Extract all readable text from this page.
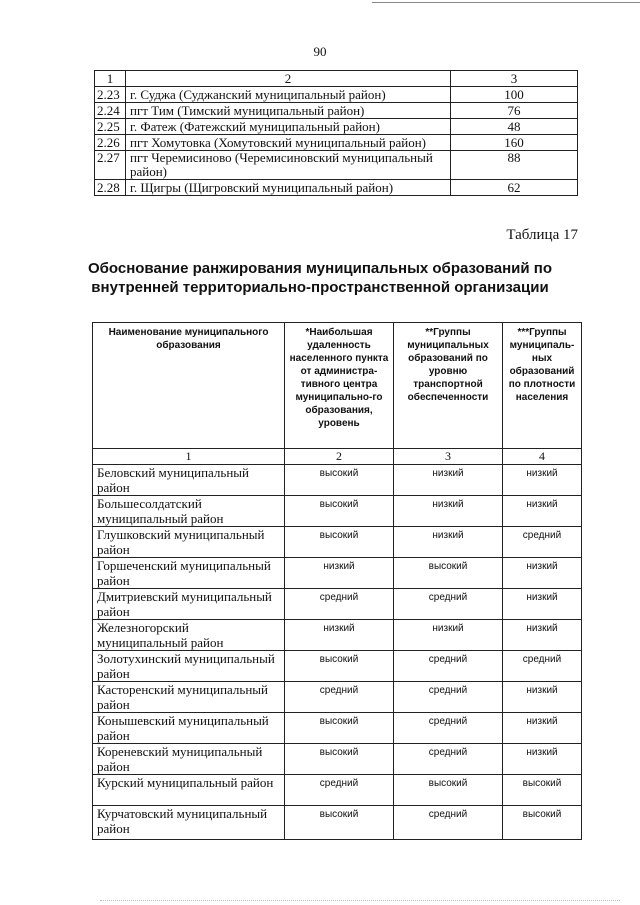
90
1	2	3
2.23	г. Суджа (Суджанский муниципальный район)	100
2.24	пгт Тим (Тимский муниципальный район)	76
2.25	г. Фатеж (Фатежский муниципальный район)	48
2.26	пгт Хомутовка (Хомутовский муниципальный район)	160
2.27	пгт Черемисиново (Черемисиновский муниципальный район)	88
2.28	г. Щигры (Щигровский муниципальный район)	62
Таблица 17
Обоснование ранжирования муниципальных образований по внутренней территориально-пространственной организации
Наименование муниципального образования	*Наибольшая удаленность населенного пункта от администра-тивного центра муниципально-го образования, уровень	**Группы муниципальных образований по уровню транспортной обеспеченности	***Группы муниципаль-ных образований по плотности населения
1	2	3	4
Беловский муниципальный район	высокий	низкий	низкий
Большесолдатский муниципальный район	высокий	низкий	низкий
Глушковский муниципальный район	высокий	низкий	средний
Горшеченский муниципальный район	низкий	высокий	низкий
Дмитриевский муниципальный район	средний	средний	низкий
Железногорский муниципальный район	низкий	низкий	низкий
Золотухинский муниципальный район	высокий	средний	средний
Касторенский муниципальный район	средний	средний	низкий
Конышевский муниципальный район	высокий	средний	низкий
Кореневский муниципальный район	высокий	средний	низкий
Курский муниципальный район	средний	высокий	высокий
Курчатовский муниципальный район	высокий	средний	высокий
